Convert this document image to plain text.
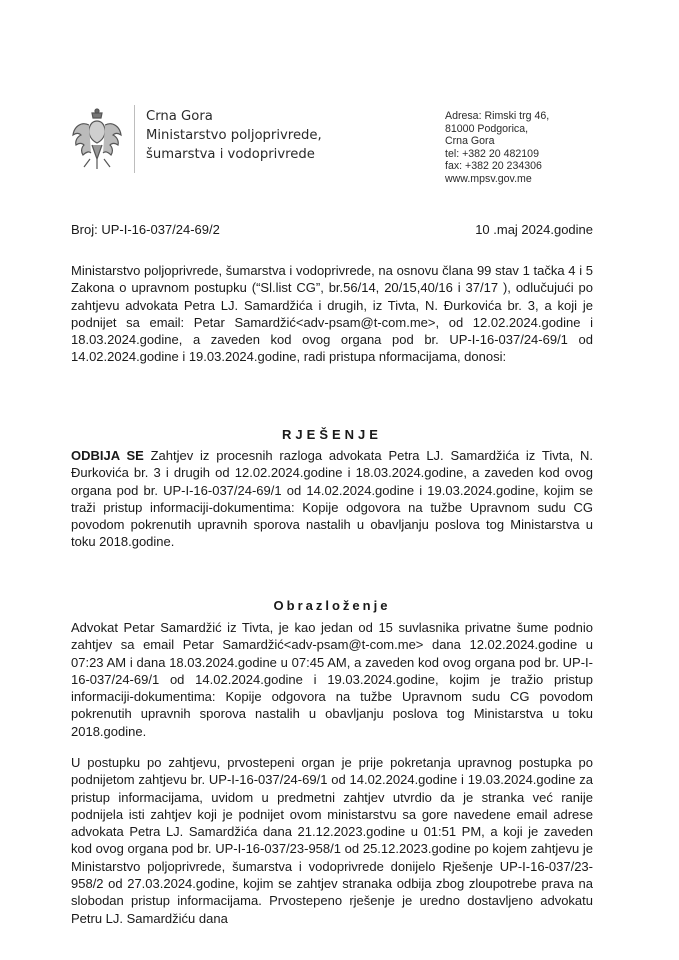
Crna Gora
Ministarstvo poljoprivrede,
šumarstva i vodoprivrede
Adresa: Rimski trg 46,
81000 Podgorica,
Crna Gora
tel: +382 20 482109
fax: +382 20 234306
www.mpsv.gov.me
Broj: UP-I-16-037/24-69/2	10 .maj 2024.godine
Ministarstvo poljoprivrede, šumarstva i vodoprivrede, na osnovu člana 99 stav 1 tačka 4 i 5 Zakona o upravnom postupku (“Sl.list CG”, br.56/14, 20/15,40/16 i 37/17 ), odlučujući po zahtjevu advokata Petra LJ. Samardžića i drugih, iz Tivta, N. Đurkovića br. 3, a koji je podnijet sa email: Petar Samardžić<adv-psam@t-com.me>, od 12.02.2024.godine i 18.03.2024.godine, a zaveden kod ovog organa pod br. UP-I-16-037/24-69/1 od 14.02.2024.godine i 19.03.2024.godine, radi pristupa nformacijama, donosi:
RJEŠENJE
ODBIJA SE Zahtjev iz procesnih razloga advokata Petra LJ. Samardžića iz Tivta, N. Đurkovića br. 3 i drugih od 12.02.2024.godine i 18.03.2024.godine, a zaveden kod ovog organa pod br. UP-I-16-037/24-69/1 od 14.02.2024.godine i 19.03.2024.godine, kojim se traži pristup informaciji-dokumentima: Kopije odgovora na tužbe Upravnom sudu CG povodom pokrenutih upravnih sporova nastalih u obavljanju poslova tog Ministarstva u toku 2018.godine.
Obrazloženje
Advokat Petar Samardžić iz Tivta, je kao jedan od 15 suvlasnika privatne šume podnio zahtjev sa email Petar Samardžić<adv-psam@t-com.me> dana 12.02.2024.godine u 07:23 AM i dana 18.03.2024.godine u 07:45 AM, a zaveden kod ovog organa pod br. UP-I-16-037/24-69/1 od 14.02.2024.godine i 19.03.2024.godine, kojim je tražio pristup informaciji-dokumentima: Kopije odgovora na tužbe Upravnom sudu CG povodom pokrenutih upravnih sporova nastalih u obavljanju poslova tog Ministarstva u toku 2018.godine.
U postupku po zahtjevu, prvostepeni organ je prije pokretanja upravnog postupka po podnijetom zahtjevu br. UP-I-16-037/24-69/1 od 14.02.2024.godine i 19.03.2024.godine za pristup informacijama, uvidom u predmetni zahtjev utvrdio da je stranka već ranije podnijela isti zahtjev koji je podnijet ovom ministarstvu sa gore navedene email adrese advokata Petra LJ. Samardžića dana 21.12.2023.godine u 01:51 PM, a koji je zaveden kod ovog organa pod br. UP-I-16-037/23-958/1 od 25.12.2023.godine po kojem zahtjevu je Ministarstvo poljoprivrede, šumarstva i vodoprivrede donijelo Rješenje UP-I-16-037/23-958/2 od 27.03.2024.godine, kojim se zahtjev stranaka odbija zbog zloupotrebe prava na slobodan pristup informacijama. Prvostepeno rješenje je uredno dostavljeno advokatu Petru LJ. Samardžiću dana
